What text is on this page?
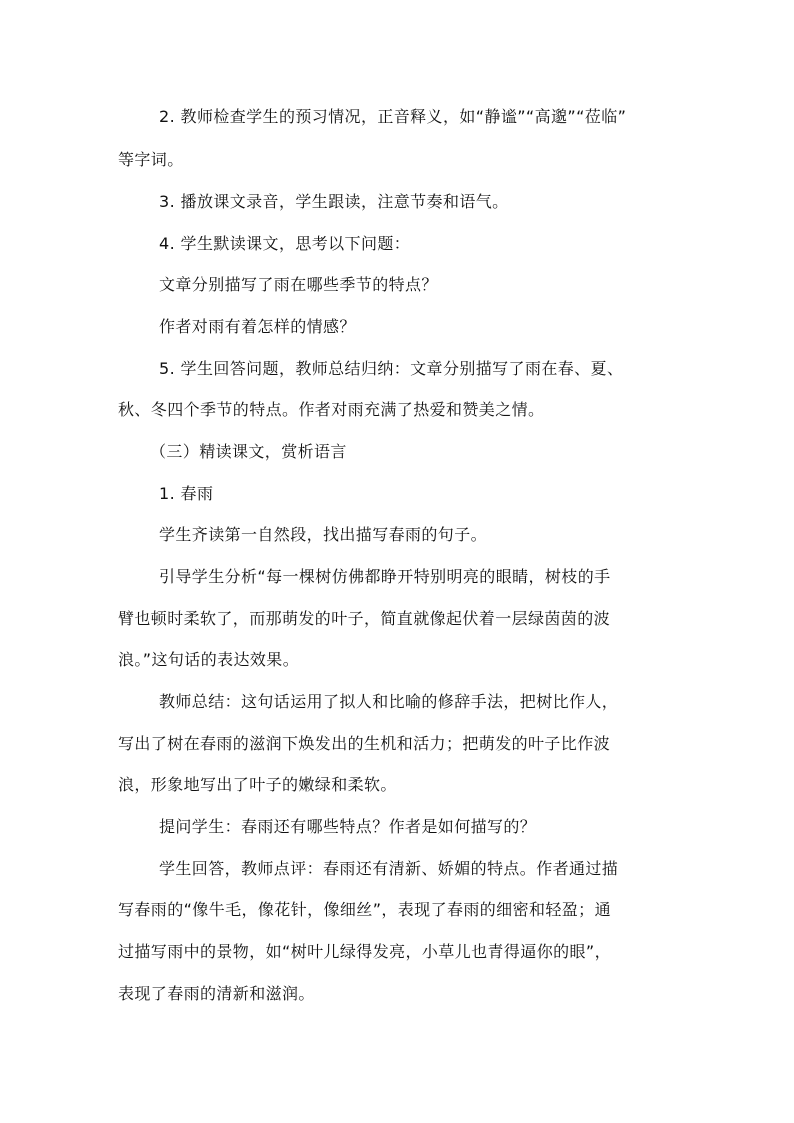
2. 教师检查学生的预习情况，正音释义，如“静谧”“高邈”“莅临”

等字词。

3. 播放课文录音，学生跟读，注意节奏和语气。

4. 学生默读课文，思考以下问题：

文章分别描写了雨在哪些季节的特点？

作者对雨有着怎样的情感？

5. 学生回答问题，教师总结归纳：文章分别描写了雨在春、夏、

秋、冬四个季节的特点。作者对雨充满了热爱和赞美之情。

（三）精读课文，赏析语言

1. 春雨

学生齐读第一自然段，找出描写春雨的句子。

引导学生分析“每一棵树仿佛都睁开特别明亮的眼睛，树枝的手

臂也顿时柔软了，而那萌发的叶子，简直就像起伏着一层绿茵茵的波

浪。”这句话的表达效果。

教师总结：这句话运用了拟人和比喻的修辞手法，把树比作人，

写出了树在春雨的滋润下焕发出的生机和活力；把萌发的叶子比作波

浪，形象地写出了叶子的嫩绿和柔软。

提问学生：春雨还有哪些特点？作者是如何描写的？

学生回答，教师点评：春雨还有清新、娇媚的特点。作者通过描

写春雨的“像牛毛，像花针，像细丝”，表现了春雨的细密和轻盈；通

过描写雨中的景物，如“树叶儿绿得发亮，小草儿也青得逼你的眼”，

表现了春雨的清新和滋润。
